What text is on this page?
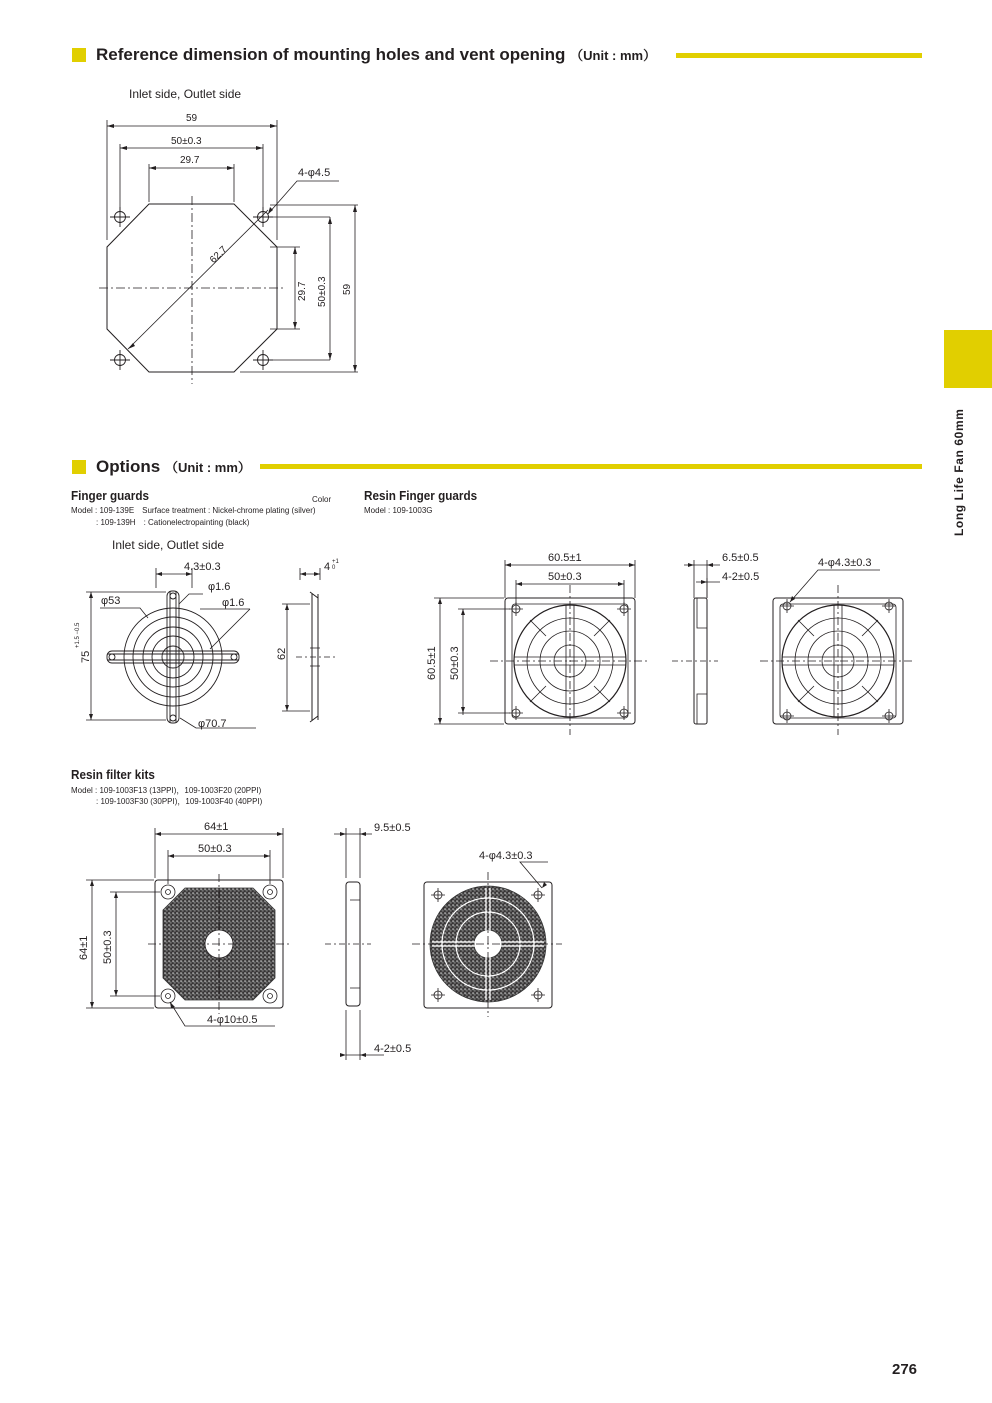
Reference dimension of mounting holes and vent opening （Unit : mm）
Inlet side, Outlet side
59
50±0.3
29.7
4-φ4.5
62.7
29.7 50±0.3 59
Options （Unit : mm）
Finger guards	Color
Model : 109-139E　Surface treatment : Nickel-chrome plating (silver)
: 109-139H　: Cationelectropainting (black)
Inlet side, Outlet side
Resin Finger guards
Model : 109-1003G
4.3±0.3
φ1.6
φ1.6
φ53
75
+1.5 −0.5
φ70.7
4 +1 0
62
60.5±1
50±0.3
60.5±1 50±0.3
6.5±0.5
4-2±0.5
4-φ4.3±0.3
Resin filter kits
Model : 109-1003F13 (13PPI)，109-1003F20 (20PPI)
: 109-1003F30 (30PPI)，109-1003F40 (40PPI)
64±1
50±0.3
64±1 50±0.3
4-φ10±0.5
9.5±0.5
4-2±0.5
4-φ4.3±0.3
Long Life Fan 60mm
276
